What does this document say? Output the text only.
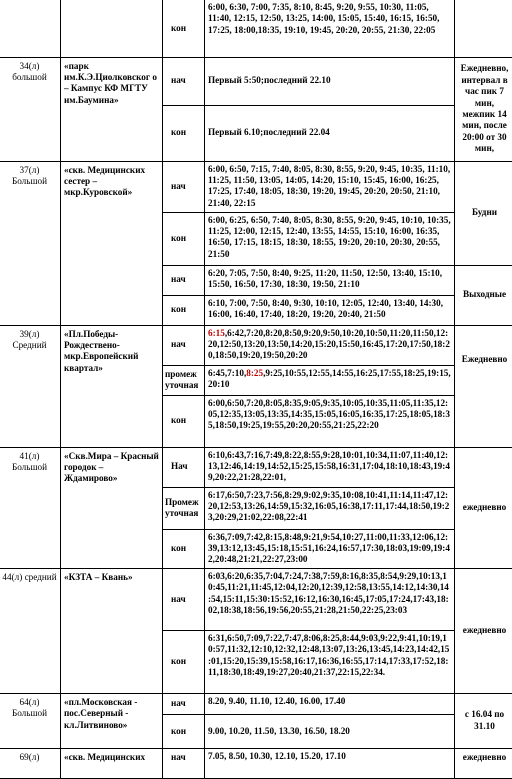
		кон	6:00, 6:30, 7:00, 7:35, 8:10, 8:45, 9:20, 9:55, 10:30, 11:05, 11:40, 12:15, 12:50, 13:25, 14:00, 15:05, 15:40, 16:15, 16:50, 17:25, 18:00,18:35, 19:10, 19:45, 20:20, 20:55, 21:30, 22:05	
34(л) большой	«парк им.К.Э.Циолковског о – Кампус КФ МГТУ им.Баумина»	нач	Первый 5:50;последний 22.10	Ежедневно, интервал в час пик 7 мин, межпик 14 мин, после 20:00 от 30 мин,
		кон	Первый 6.10;последний 22.04	
37(л) Большой	«скв. Медицинских сестер – мкр.Куровской»	нач	6:00, 6:50, 7:15, 7:40, 8:05, 8:30, 8:55, 9:20, 9:45, 10:35, 11:10, 11:25, 11:50, 13:05, 14:05, 14:20, 15:10, 15:45, 16:00, 16:25, 17:25, 17:40, 18:05, 18:30, 19:20, 19:45, 20:20, 20:50, 21:10, 21:40, 22:15	Будни
		кон	6:00, 6:25, 6:50, 7:40, 8:05, 8:30, 8:55, 9:20, 9:45, 10:10, 10:35, 11:25, 12:00, 12:15, 12:40, 13:55, 14:55, 15:10, 16:00, 16:35, 16:50, 17:15, 18:15, 18:30, 18:55, 19:20, 20:10, 20:30, 20:55, 21:50	
		нач	6:20, 7:05, 7:50, 8:40, 9:25, 11:20, 11:50, 12:50, 13:40, 15:10, 15:50, 16:50, 17:30, 18:30, 19:50, 21:10	Выходные
		кон	6:10, 7:00, 7:50, 8:40, 9:30, 10:10, 12:05, 12:40, 13:40, 14:30, 16:00, 16:40, 17:40, 18:20, 19:20, 20:40, 21:50	
39(л) Средний	«Пл.Победы-Рождествено-мкр.Европейский квартал»	нач	6:15,6:42,7:20,8:20,8:50,9:20,9:50,10:20,10:50,11:20,11:50,12:20,12:50,13:20,13:50,14:20,15:20,15:50,16:45,17:20,17:50,18:20,18:50,19:20,19:50,20:20	Ежедневно
		промеж уточная	6:45,7:10,8:25,9:25,10:55,12:55,14:55,16:25,17:55,18:25,19:15,20:10	
		кон	6:00,6:50,7:20,8:05,8:35,9:05,9:35,10:05,10:35,11:05,11:35,12:05,12:35,13:05,13:35,14:35,15:05,16:05,16:35,17:25,18:05,18:35,18:50,19:25,19:55,20:20,20:55,21:25,22:20	
41(л) Большой	«Скв.Мира – Красный городок – Ждамирово»	Нач	6:10,6:43,7:16,7:49,8:22,8:55,9:28,10:01,10:34,11:07,11:40,12:13,12:46,14:19,14:52,15:25,15:58,16:31,17:04,18:10,18:43,19:49,20:22,21:28,22:01,	ежедневно
		Промеж уточная	6:17,6:50,7:23,7:56,8:29,9:02,9:35,10:08,10:41,11:14,11:47,12:20,12:53,13:26,14:59,15:32,16:05,16:38,17:11,17:44,18:50,19:23,20:29,21:02,22:08,22:41	
		кон	6:36,7:09,7:42,8:15,8:48,9:21,9:54,10:27,11:00,11:33,12:06,12:39,13:12,13:45,15:18,15:51,16:24,16:57,17:30,18:03,19:09,19:42,20:48,21:21,22:27,23:00	
44(л) средний	«КЗТА – Квань»	нач	6:03,6:20,6:35,7:04,7:24,7:38,7:59,8:16,8:35,8:54,9:29,10:13,10:45,11:21,11:45,12:04,12:20,12:39,12:58,13:55,14:12,14:30,14:54,15:11,15:30:15:52,16:12,16:30,16:45,17:05,17:24,17:43,18:02,18:38,18:56,19:56,20:55,21:28,21:50,22:25,23:03	ежедневно
		кон	6:31,6:50,7:09,7:22,7:47,8:06,8:25,8:44,9:03,9:22,9:41,10:19,10:57,11:32,12:10,12:32,12:48,13:07,13:26,13:45,14:23,14:42,15:01,15:20,15:39,15:58,16:17,16:36,16:55,17:14,17:33,17:52,18:11,18:30,18:49,19:27,20:40,21:37,22:15,22:34.	
64(л) Большой	«пл.Московская - пос.Северный - кл.Литвиново»	нач	8.20, 9.40, 11.10, 12.40, 16.00, 17.40	с 16.04 по 31.10
		кон	9.00, 10.20, 11.50, 13.30, 16.50, 18.20	
69(л)	«скв. Медицинских	нач	7.05, 8.50, 10.30, 12.10, 15.20, 17.10	ежедневно
